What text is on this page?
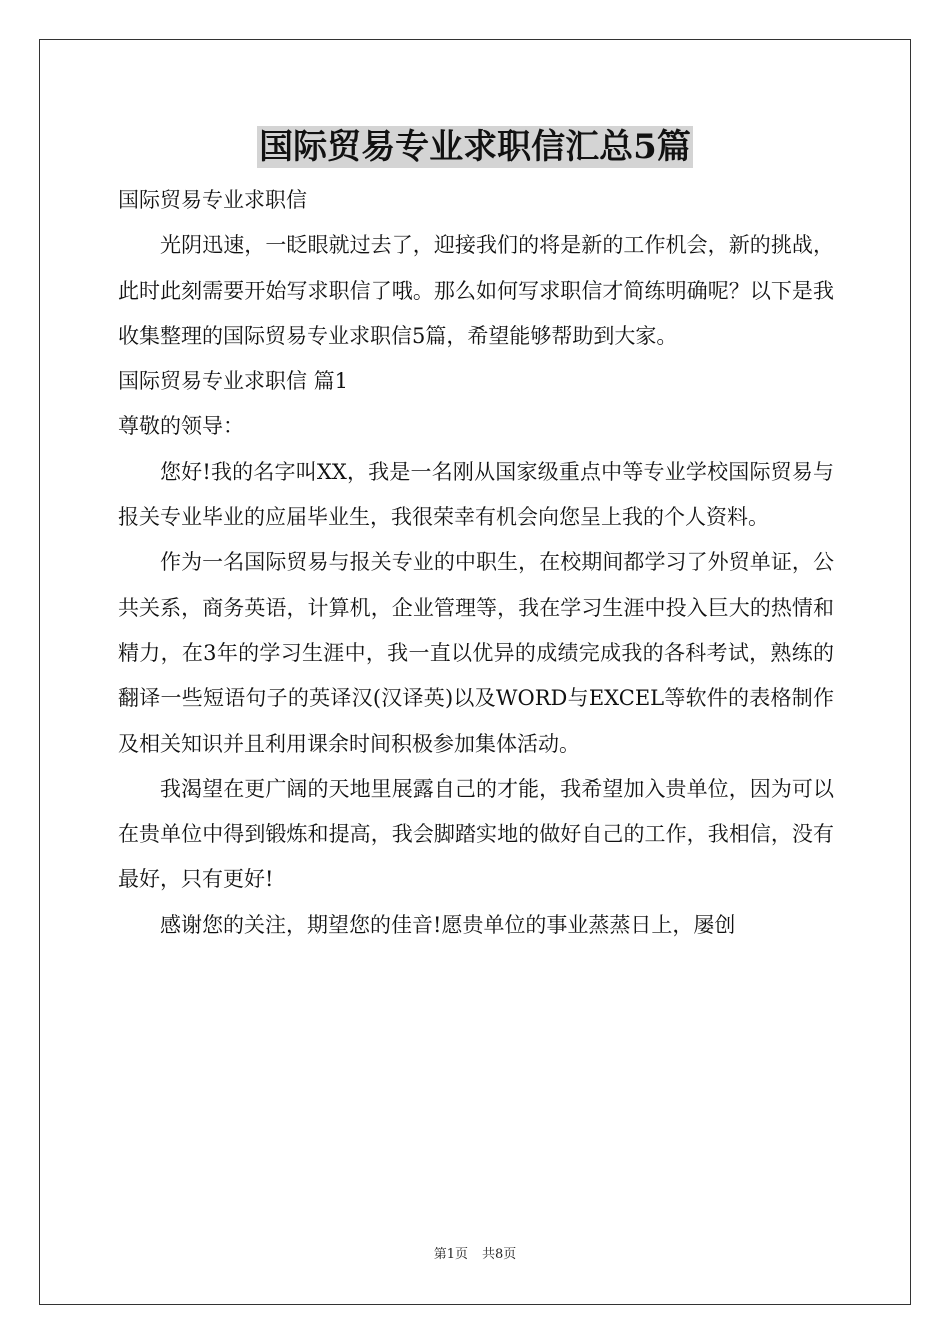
国际贸易专业求职信汇总5篇

国际贸易专业求职信

光阴迅速，一眨眼就过去了，迎接我们的将是新的工作机会，新的挑战，此时此刻需要开始写求职信了哦。那么如何写求职信才简练明确呢？以下是我收集整理的国际贸易专业求职信5篇，希望能够帮助到大家。

国际贸易专业求职信 篇1

尊敬的领导：

您好!我的名字叫XX，我是一名刚从国家级重点中等专业学校国际贸易与报关专业毕业的应届毕业生，我很荣幸有机会向您呈上我的个人资料。

作为一名国际贸易与报关专业的中职生，在校期间都学习了外贸单证，公共关系，商务英语，计算机，企业管理等，我在学习生涯中投入巨大的热情和精力，在3年的学习生涯中，我一直以优异的成绩完成我的各科考试，熟练的翻译一些短语句子的英译汉(汉译英)以及WORD与EXCEL等软件的表格制作及相关知识并且利用课余时间积极参加集体活动。

我渴望在更广阔的天地里展露自己的才能，我希望加入贵单位，因为可以在贵单位中得到锻炼和提高，我会脚踏实地的做好自己的工作，我相信，没有最好，只有更好!

感谢您的关注，期望您的佳音!愿贵单位的事业蒸蒸日上，屡创

第1页 共8页
